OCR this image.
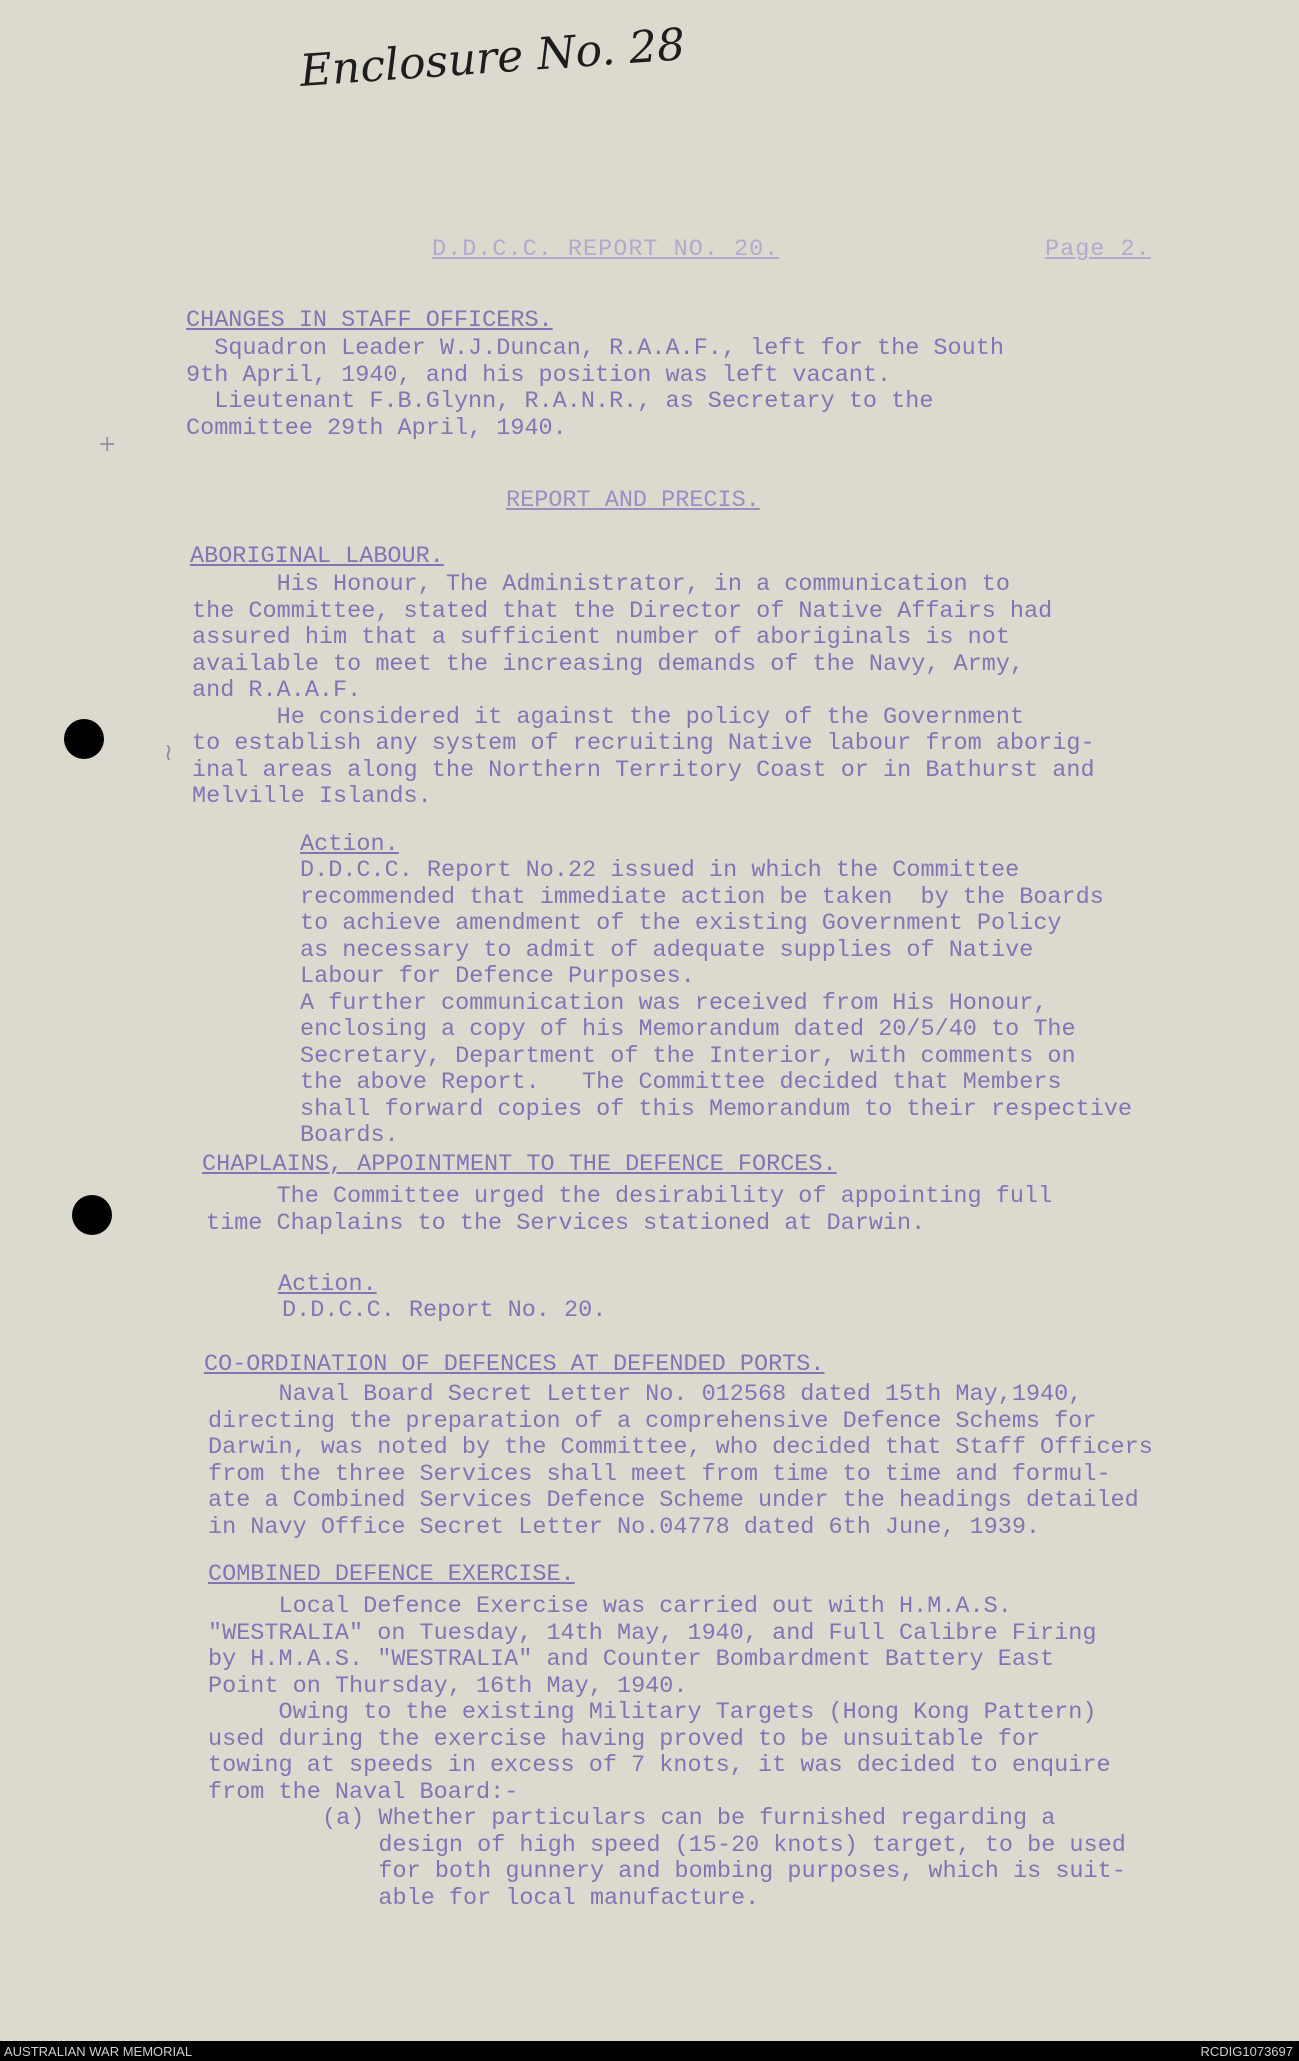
Enclosure No. 28
D.D.C.C. REPORT NO. 20.	Page 2.
+
≀
CHANGES IN STAFF OFFICERS.
Squadron Leader W.J.Duncan, R.A.A.F., left for the South
9th April, 1940, and his position was left vacant.
Lieutenant F.B.Glynn, R.A.N.R., as Secretary to the
Committee 29th April, 1940.
REPORT AND PRECIS.
ABORIGINAL LABOUR.
His Honour, The Administrator, in a communication to
the Committee, stated that the Director of Native Affairs had
assured him that a sufficient number of aboriginals is not
available to meet the increasing demands of the Navy, Army,
and R.A.A.F.
He considered it against the policy of the Government
to establish any system of recruiting Native labour from aborig-
inal areas along the Northern Territory Coast or in Bathurst and
Melville Islands.
Action.
D.D.C.C. Report No.22 issued in which the Committee
recommended that immediate action be taken  by the Boards
to achieve amendment of the existing Government Policy
as necessary to admit of adequate supplies of Native
Labour for Defence Purposes.
A further communication was received from His Honour,
enclosing a copy of his Memorandum dated 20/5/40 to The
Secretary, Department of the Interior, with comments on
the above Report.   The Committee decided that Members
shall forward copies of this Memorandum to their respective
Boards.
CHAPLAINS, APPOINTMENT TO THE DEFENCE FORCES.
The Committee urged the desirability of appointing full
time Chaplains to the Services stationed at Darwin.
Action.
D.D.C.C. Report No. 20.
CO-ORDINATION OF DEFENCES AT DEFENDED PORTS.
Naval Board Secret Letter No. 012568 dated 15th May,1940,
directing the preparation of a comprehensive Defence Schems for
Darwin, was noted by the Committee, who decided that Staff Officers
from the three Services shall meet from time to time and formul-
ate a Combined Services Defence Scheme under the headings detailed
in Navy Office Secret Letter No.04778 dated 6th June, 1939.
COMBINED DEFENCE EXERCISE.
Local Defence Exercise was carried out with H.M.A.S.
"WESTRALIA" on Tuesday, 14th May, 1940, and Full Calibre Firing
by H.M.A.S. "WESTRALIA" and Counter Bombardment Battery East
Point on Thursday, 16th May, 1940.
Owing to the existing Military Targets (Hong Kong Pattern)
used during the exercise having proved to be unsuitable for
towing at speeds in excess of 7 knots, it was decided to enquire
from the Naval Board:-
(a) Whether particulars can be furnished regarding a
design of high speed (15-20 knots) target, to be used
for both gunnery and bombing purposes, which is suit-
able for local manufacture.
AUSTRALIAN WAR MEMORIAL	RCDIG1073697
